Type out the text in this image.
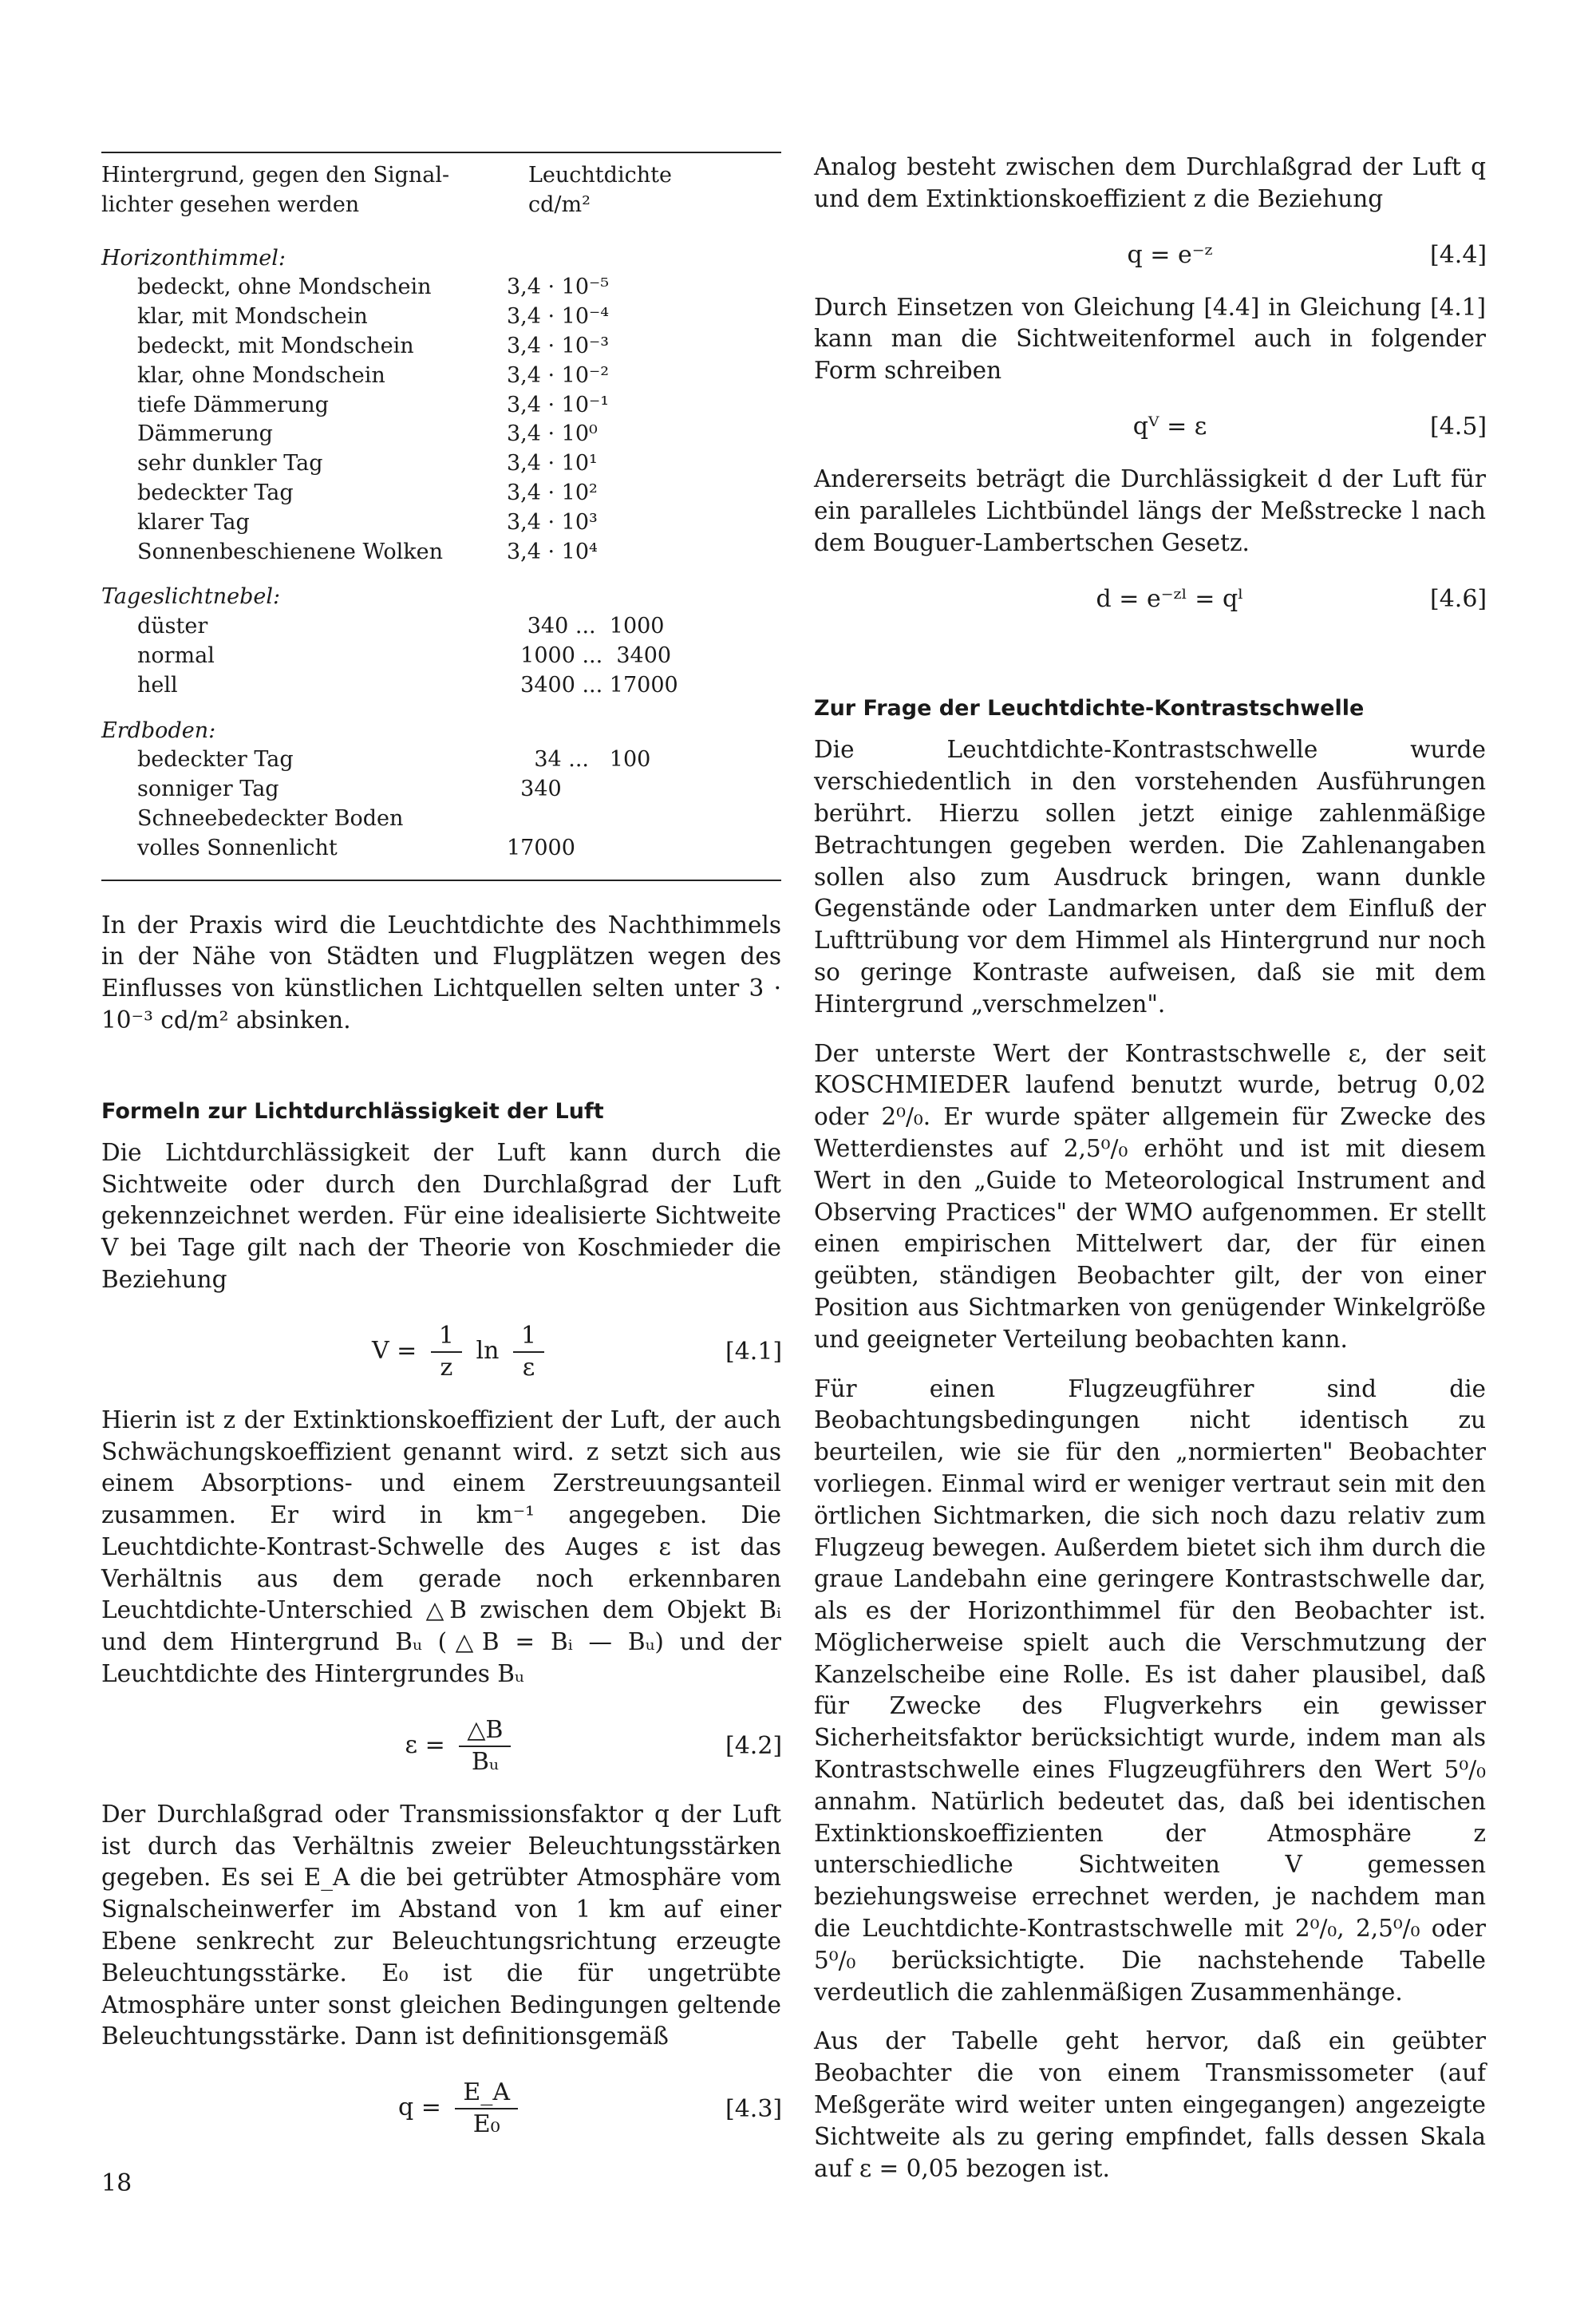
Hintergrund, gegen den Signal-
lichter gesehen werden
Leuchtdichte
cd/m²
Horizonthimmel:
bedeckt, ohne Mondschein	3,4 · 10⁻⁵
klar, mit Mondschein	3,4 · 10⁻⁴
bedeckt, mit Mondschein	3,4 · 10⁻³
klar, ohne Mondschein	3,4 · 10⁻²
tiefe Dämmerung	3,4 · 10⁻¹
Dämmerung	3,4 · 10⁰
sehr dunkler Tag	3,4 · 10¹
bedeckter Tag	3,4 · 10²
klarer Tag	3,4 · 10³
Sonnenbeschienene Wolken	3,4 · 10⁴
Tageslichtnebel:
düster	340 ...  1000
normal	1000 ...  3400
hell	3400 ... 17000
Erdboden:
bedeckter Tag	34 ...   100
sonniger Tag	340
Schneebedeckter Boden
volles Sonnenlicht	17000

In der Praxis wird die Leuchtdichte des Nachthimmels in der Nähe von Städten und Flugplätzen wegen des Einflusses von künstlichen Lichtquellen selten unter 3 · 10⁻³ cd/m² absinken.

Formeln zur Lichtdurchlässigkeit der Luft

Die Lichtdurchlässigkeit der Luft kann durch die Sichtweite oder durch den Durchlaßgrad der Luft gekennzeichnet werden. Für eine idealisierte Sichtweite V bei Tage gilt nach der Theorie von Koschmieder die Beziehung

$V = \frac{1}{z}$ $\ln \frac{1}{\varepsilon}$	[4.1]

Hierin ist z der Extinktionskoeffizient der Luft, der auch Schwächungskoeffizient genannt wird. z setzt sich aus einem Absorptions- und einem Zerstreuungsanteil zusammen. Er wird in km⁻¹ angegeben. Die Leuchtdichte-Kontrast-Schwelle des Auges ε ist das Verhältnis aus dem gerade noch erkennbaren Leuchtdichte-Unterschied △B zwischen dem Objekt Bᵢ und dem Hintergrund Bᵤ (△B = Bᵢ — Bᵤ) und der Leuchtdichte des Hintergrundes Bᵤ

$\varepsilon = \frac{\triangle B}{\text{Bᵤ}}$	[4.2]

Der Durchlaßgrad oder Transmissionsfaktor q der Luft ist durch das Verhältnis zweier Beleuchtungsstärken gegeben. Es sei E_A die bei getrübter Atmosphäre vom Signalscheinwerfer im Abstand von 1 km auf einer Ebene senkrecht zur Beleuchtungsrichtung erzeugte Beleuchtungsstärke. E₀ ist die für ungetrübte Atmosphäre unter sonst gleichen Bedingungen geltende Beleuchtungsstärke. Dann ist definitionsgemäß

$q = \frac{E\_A}{\text{E₀}}$	[4.3]

Analog besteht zwischen dem Durchlaßgrad der Luft q und dem Extinktionskoeffizient z die Beziehung

q = e⁻ᶻ	[4.4]

Durch Einsetzen von Gleichung [4.4] in Gleichung [4.1] kann man die Sichtweitenformel auch in folgender Form schreiben

qⱽ = ε	[4.5]

Andererseits beträgt die Durchlässigkeit d der Luft für ein paralleles Lichtbündel längs der Meßstrecke l nach dem Bouguer-Lambertschen Gesetz.

d = e⁻ᶻˡ = qˡ	[4.6]
Zur Frage der Leuchtdichte-Kontrastschwelle

Die Leuchtdichte-Kontrastschwelle wurde verschiedentlich in den vorstehenden Ausführungen berührt. Hierzu sollen jetzt einige zahlenmäßige Betrachtungen gegeben werden. Die Zahlenangaben sollen also zum Ausdruck bringen, wann dunkle Gegenstände oder Landmarken unter dem Einfluß der Lufttrübung vor dem Himmel als Hintergrund nur noch so geringe Kontraste aufweisen, daß sie mit dem Hintergrund „verschmelzen".

Der unterste Wert der Kontrastschwelle ε, der seit KOSCHMIEDER laufend benutzt wurde, betrug 0,02 oder 2⁰/₀. Er wurde später allgemein für Zwecke des Wetterdienstes auf 2,5⁰/₀ erhöht und ist mit diesem Wert in den „Guide to Meteorological Instrument and Observing Practices" der WMO aufgenommen. Er stellt einen empirischen Mittelwert dar, der für einen geübten, ständigen Beobachter gilt, der von einer Position aus Sichtmarken von genügender Winkelgröße und geeigneter Verteilung beobachten kann.

Für einen Flugzeugführer sind die Beobachtungsbedingungen nicht identisch zu beurteilen, wie sie für den „normierten" Beobachter vorliegen. Einmal wird er weniger vertraut sein mit den örtlichen Sichtmarken, die sich noch dazu relativ zum Flugzeug bewegen. Außerdem bietet sich ihm durch die graue Landebahn eine geringere Kontrastschwelle dar, als es der Horizonthimmel für den Beobachter ist. Möglicherweise spielt auch die Verschmutzung der Kanzelscheibe eine Rolle. Es ist daher plausibel, daß für Zwecke des Flugverkehrs ein gewisser Sicherheitsfaktor berücksichtigt wurde, indem man als Kontrastschwelle eines Flugzeugführers den Wert 5⁰/₀ annahm. Natürlich bedeutet das, daß bei identischen Extinktionskoeffizienten der Atmosphäre z unterschiedliche Sichtweiten V gemessen beziehungsweise errechnet werden, je nachdem man die Leuchtdichte-Kontrastschwelle mit 2⁰/₀, 2,5⁰/₀ oder 5⁰/₀ berücksichtigte. Die nachstehende Tabelle verdeutlich die zahlenmäßigen Zusammenhänge.

Aus der Tabelle geht hervor, daß ein geübter Beobachter die von einem Transmissometer (auf Meßgeräte wird weiter unten eingegangen) angezeigte Sichtweite als zu gering empfindet, falls dessen Skala auf ε = 0,05 bezogen ist.

18
